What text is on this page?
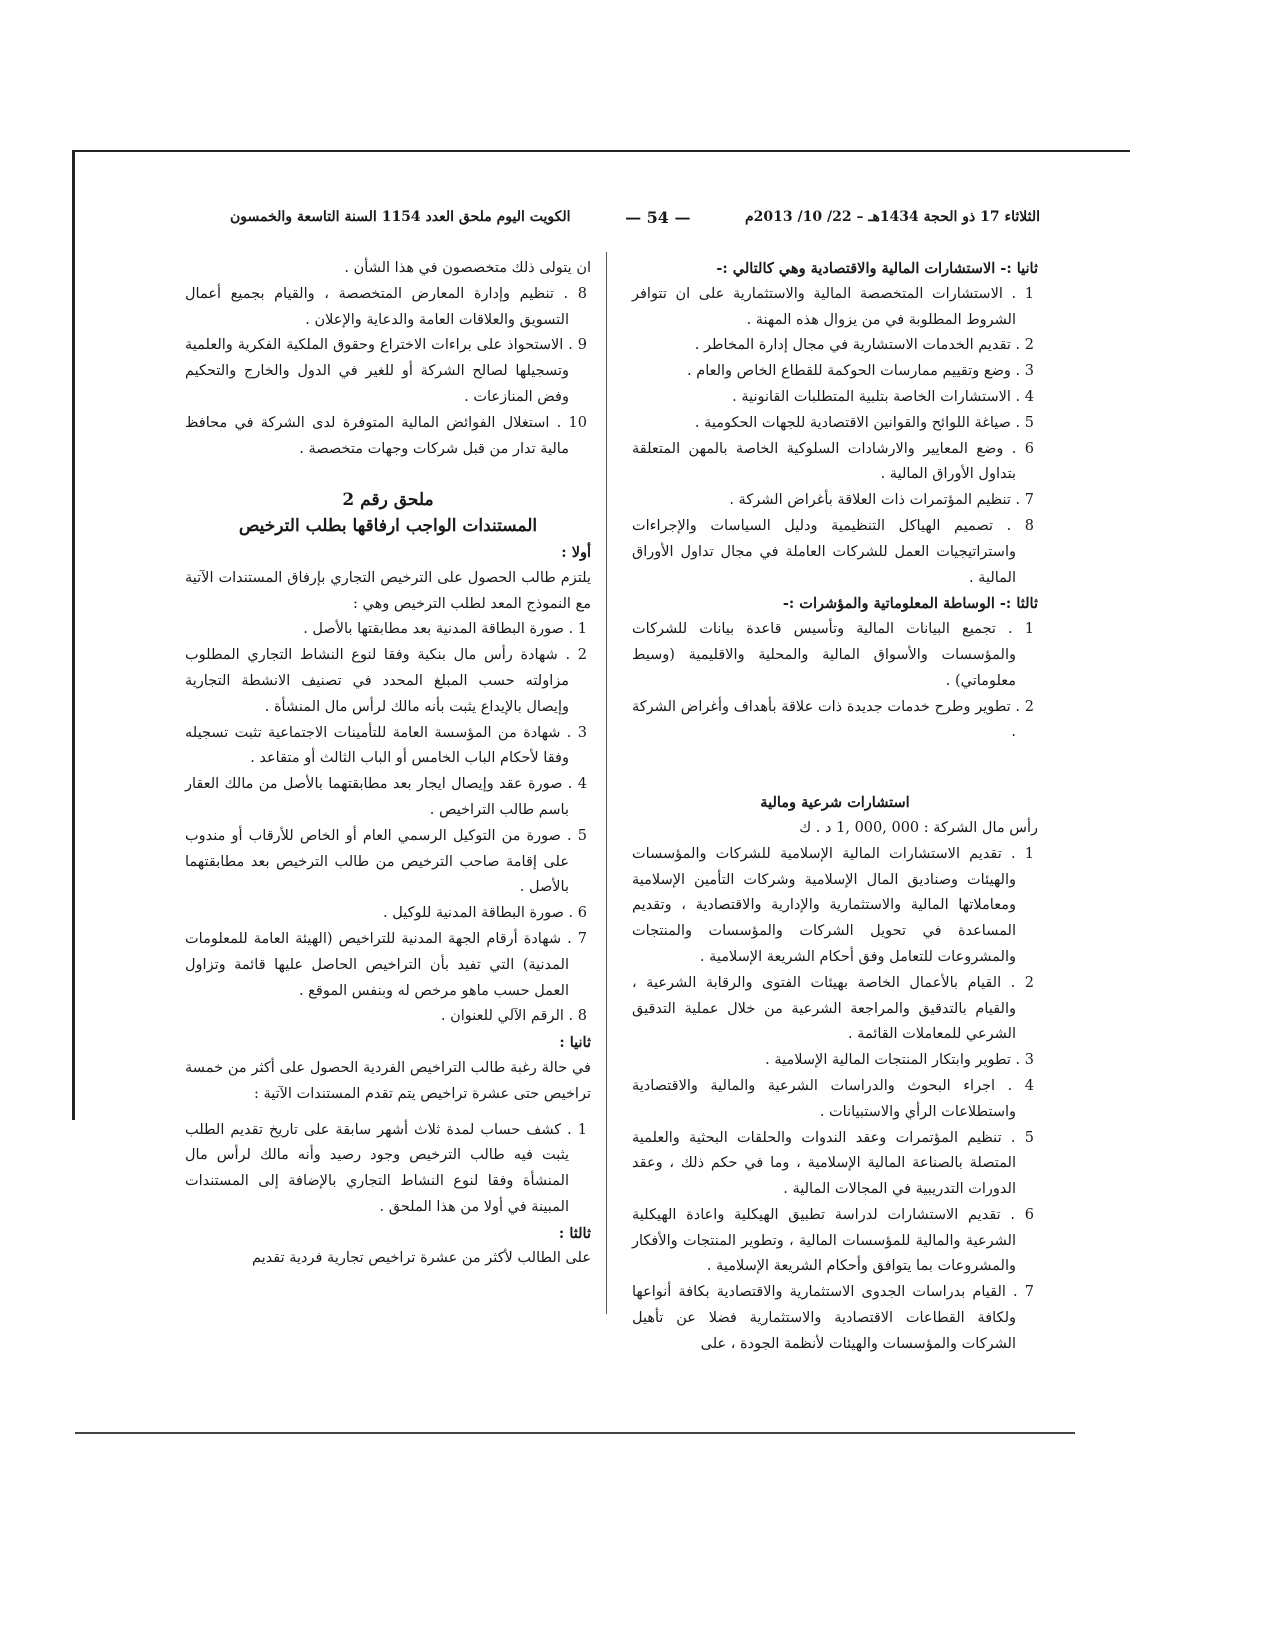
الكويت اليوم ملحق العدد 1154 السنة التاسعة والخمسون	— 54 —	الثلاثاء 17 ذو الحجة 1434هـ – 22/ 10/ 2013م

ثانيا :- الاستشارات المالية والاقتصادية وهي كالتالي :-

1 . الاستشارات المتخصصة المالية والاستثمارية على ان تتوافر الشروط المطلوبة في من يزوال هذه المهنة .

2 . تقديم الخدمات الاستشارية في مجال إدارة المخاطر .

3 . وضع وتقييم ممارسات الحوكمة للقطاع الخاص والعام .

4 . الاستشارات الخاصة بتلبية المتطلبات القانونية .

5 . صياغة اللوائح والقوانين الاقتصادية للجهات الحكومية .

6 . وضع المعايير والارشادات السلوكية الخاصة بالمهن المتعلقة بتداول الأوراق المالية .

7 . تنظيم المؤتمرات ذات العلاقة بأغراض الشركة .

8 . تصميم الهياكل التنظيمية ودليل السياسات والإجراءات واستراتيجيات العمل للشركات العاملة في مجال تداول الأوراق المالية .

ثالثا :- الوساطة المعلوماتية والمؤشرات :-

1 . تجميع البيانات المالية وتأسيس قاعدة بيانات للشركات والمؤسسات والأسواق المالية والمحلية والاقليمية (وسيط معلوماتي) .

2 . تطوير وطرح خدمات جديدة ذات علاقة بأهداف وأغراض الشركة .

استشارات شرعية ومالية

رأس مال الشركة : 000 ,000 ,1 د . ك

1 . تقديم الاستشارات المالية الإسلامية للشركات والمؤسسات والهيئات وصناديق المال الإسلامية وشركات التأمين الإسلامية ومعاملاتها المالية والاستثمارية والإدارية والاقتصادية ، وتقديم المساعدة في تحويل الشركات والمؤسسات والمنتجات والمشروعات للتعامل وفق أحكام الشريعة الإسلامية .

2 . القيام بالأعمال الخاصة بهيئات الفتوى والرقابة الشرعية ، والقيام بالتدقيق والمراجعة الشرعية من خلال عملية التدقيق الشرعي للمعاملات القائمة .

3 . تطوير وابتكار المنتجات المالية الإسلامية .

4 . اجراء البحوث والدراسات الشرعية والمالية والاقتصادية واستطلاعات الرأي والاستبيانات .

5 . تنظيم المؤتمرات وعقد الندوات والحلقات البحثية والعلمية المتصلة بالصناعة المالية الإسلامية ، وما في حكم ذلك ، وعقد الدورات التدريبية في المجالات المالية .

6 . تقديم الاستشارات لدراسة تطبيق الهيكلية واعادة الهيكلية الشرعية والمالية للمؤسسات المالية ، وتطوير المنتجات والأفكار والمشروعات بما يتوافق وأحكام الشريعة الإسلامية .

7 . القيام بدراسات الجدوى الاستثمارية والاقتصادية بكافة أنواعها ولكافة القطاعات الاقتصادية والاستثمارية فضلا عن تأهيل الشركات والمؤسسات والهيئات لأنظمة الجودة ، على

ان يتولى ذلك متخصصون في هذا الشأن .

8 . تنظيم وإدارة المعارض المتخصصة ، والقيام بجميع أعمال التسويق والعلاقات العامة والدعاية والإعلان .

9 . الاستحواذ على براءات الاختراع وحقوق الملكية الفكرية والعلمية وتسجيلها لصالح الشركة أو للغير في الدول والخارج والتحكيم وفض المنازعات .

10 . استغلال الفوائض المالية المتوفرة لدى الشركة في محافظ مالية تدار من قبل شركات وجهات متخصصة .

ملحق رقم 2

المستندات الواجب ارفاقها بطلب الترخيص

أولا :

يلتزم طالب الحصول على الترخيص التجاري بإرفاق المستندات الآتية مع النموذج المعد لطلب الترخيص وهي :

1 . صورة البطاقة المدنية بعد مطابقتها بالأصل .

2 . شهادة رأس مال بنكية وفقا لنوع النشاط التجاري المطلوب مزاولته حسب المبلغ المحدد في تصنيف الانشطة التجارية وإيصال بالإيداع يثبت بأنه مالك لرأس مال المنشأة .

3 . شهادة من المؤسسة العامة للتأمينات الاجتماعية تثبت تسجيله وفقا لأحكام الباب الخامس أو الباب الثالث أو متقاعد .

4 . صورة عقد وإيصال ايجار بعد مطابقتهما بالأصل من مالك العقار باسم طالب التراخيص .

5 . صورة من التوكيل الرسمي العام أو الخاص للأرقاب أو مندوب على إقامة صاحب الترخيص من طالب الترخيص بعد مطابقتهما بالأصل .

6 . صورة البطاقة المدنية للوكيل .

7 . شهادة أرقام الجهة المدنية للتراخيص (الهيئة العامة للمعلومات المدنية) التي تفيد بأن التراخيص الحاصل عليها قائمة وتزاول العمل حسب ماهو مرخص له وبنفس الموقع .

8 . الرقم الآلي للعنوان .

ثانيا :

في حالة رغبة طالب التراخيص الفردية الحصول على أكثر من خمسة تراخيص حتى عشرة تراخيص يتم تقدم المستندات الآتية :

1 . كشف حساب لمدة ثلاث أشهر سابقة على تاريخ تقديم الطلب يثبت فيه طالب الترخيص وجود رصيد وأنه مالك لرأس مال المنشأة وفقا لنوع النشاط التجاري بالإضافة إلى المستندات المبينة في أولا من هذا الملحق .

ثالثا :

على الطالب لأكثر من عشرة تراخيص تجارية فردية تقديم
